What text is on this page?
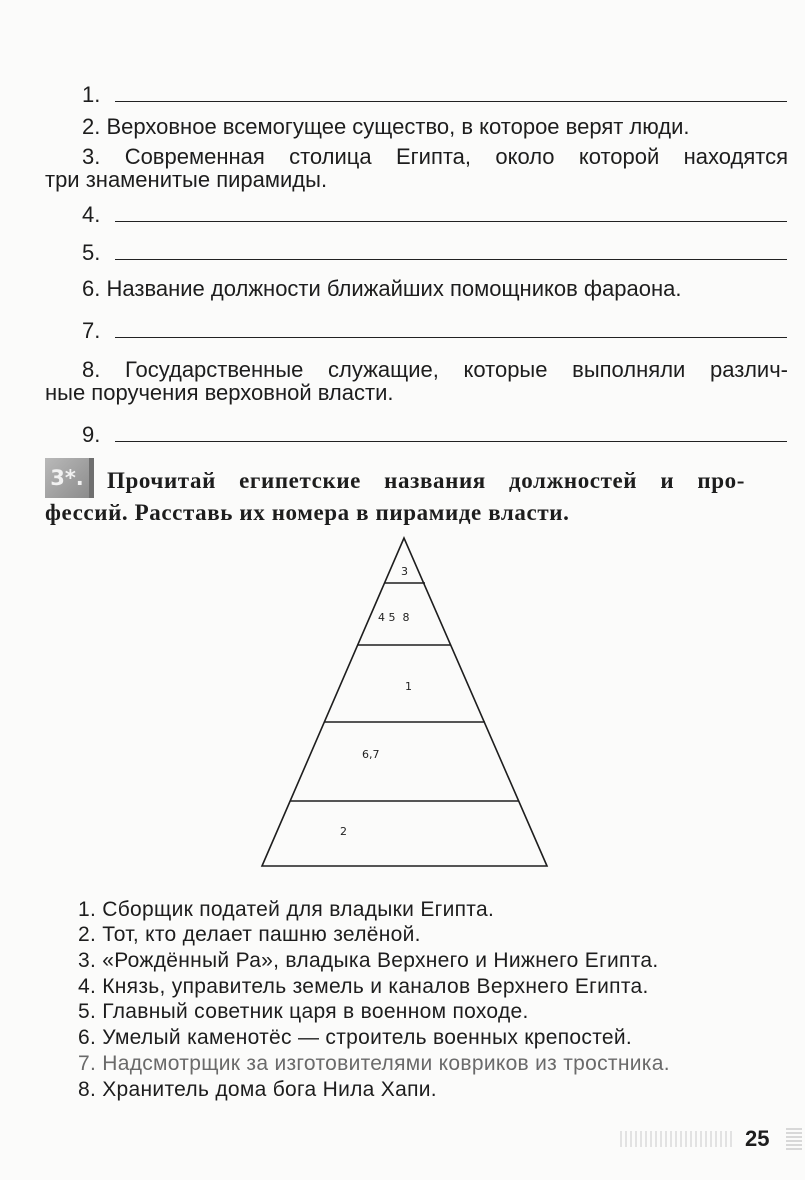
1.
2. Верховное всемогущее существо, в которое верят люди.
3. Современная столица Египта, около которой находятся
три знаменитые пирамиды.
4.
5.
6. Название должности ближайших помощников фараона.
7.
8. Государственные служащие, которые выполняли различ-
ные поручения верховной власти.
9.
3*.	Прочитай египетские названия должностей и про-
фессий. Расставь их номера в пирамиде власти.
3
4 5  8
1
6,7
2
1. Сборщик податей для владыки Египта.
2. Тот, кто делает пашню зелёной.
3. «Рождённый Ра», владыка Верхнего и Нижнего Египта.
4. Князь, управитель земель и каналов Верхнего Египта.
5. Главный советник царя в военном походе.
6. Умелый каменотёс — строитель военных крепостей.
7. Надсмотрщик за изготовителями ковриков из тростника.
8. Хранитель дома бога Нила Хапи.
25
